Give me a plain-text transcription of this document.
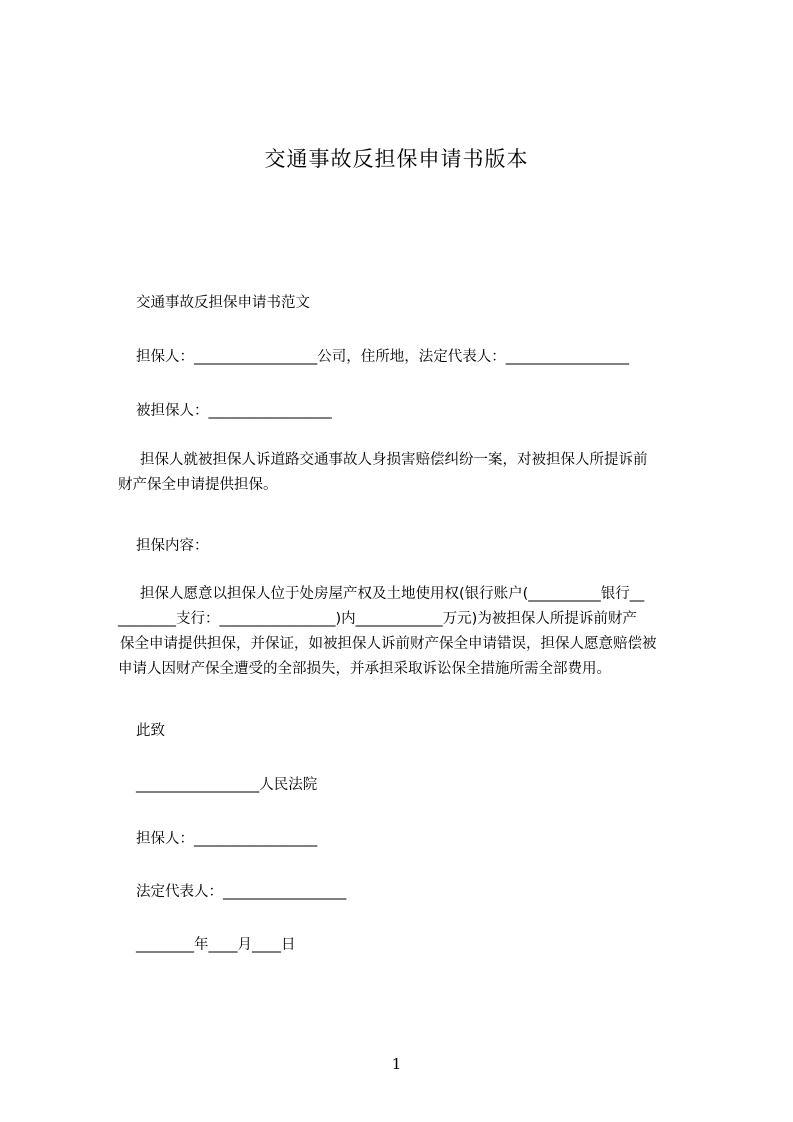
交通事故反担保申请书版本
交通事故反担保申请书范文
担保人：_________________公司，住所地，法定代表人：_________________
被担保人：_________________
担保人就被担保人诉道路交通事故人身损害赔偿纠纷一案，对被担保人所提诉前
财产保全申请提供担保。
担保内容：
担保人愿意以担保人位于处房屋产权及土地使用权(银行账户(__________银行__
________支行：________________)内____________万元)为被担保人所提诉前财产
保全申请提供担保，并保证，如被担保人诉前财产保全申请错误，担保人愿意赔偿被
申请人因财产保全遭受的全部损失，并承担采取诉讼保全措施所需全部费用。
此致
_________________人民法院
担保人：_________________
法定代表人：_________________
________年____月____日
1
